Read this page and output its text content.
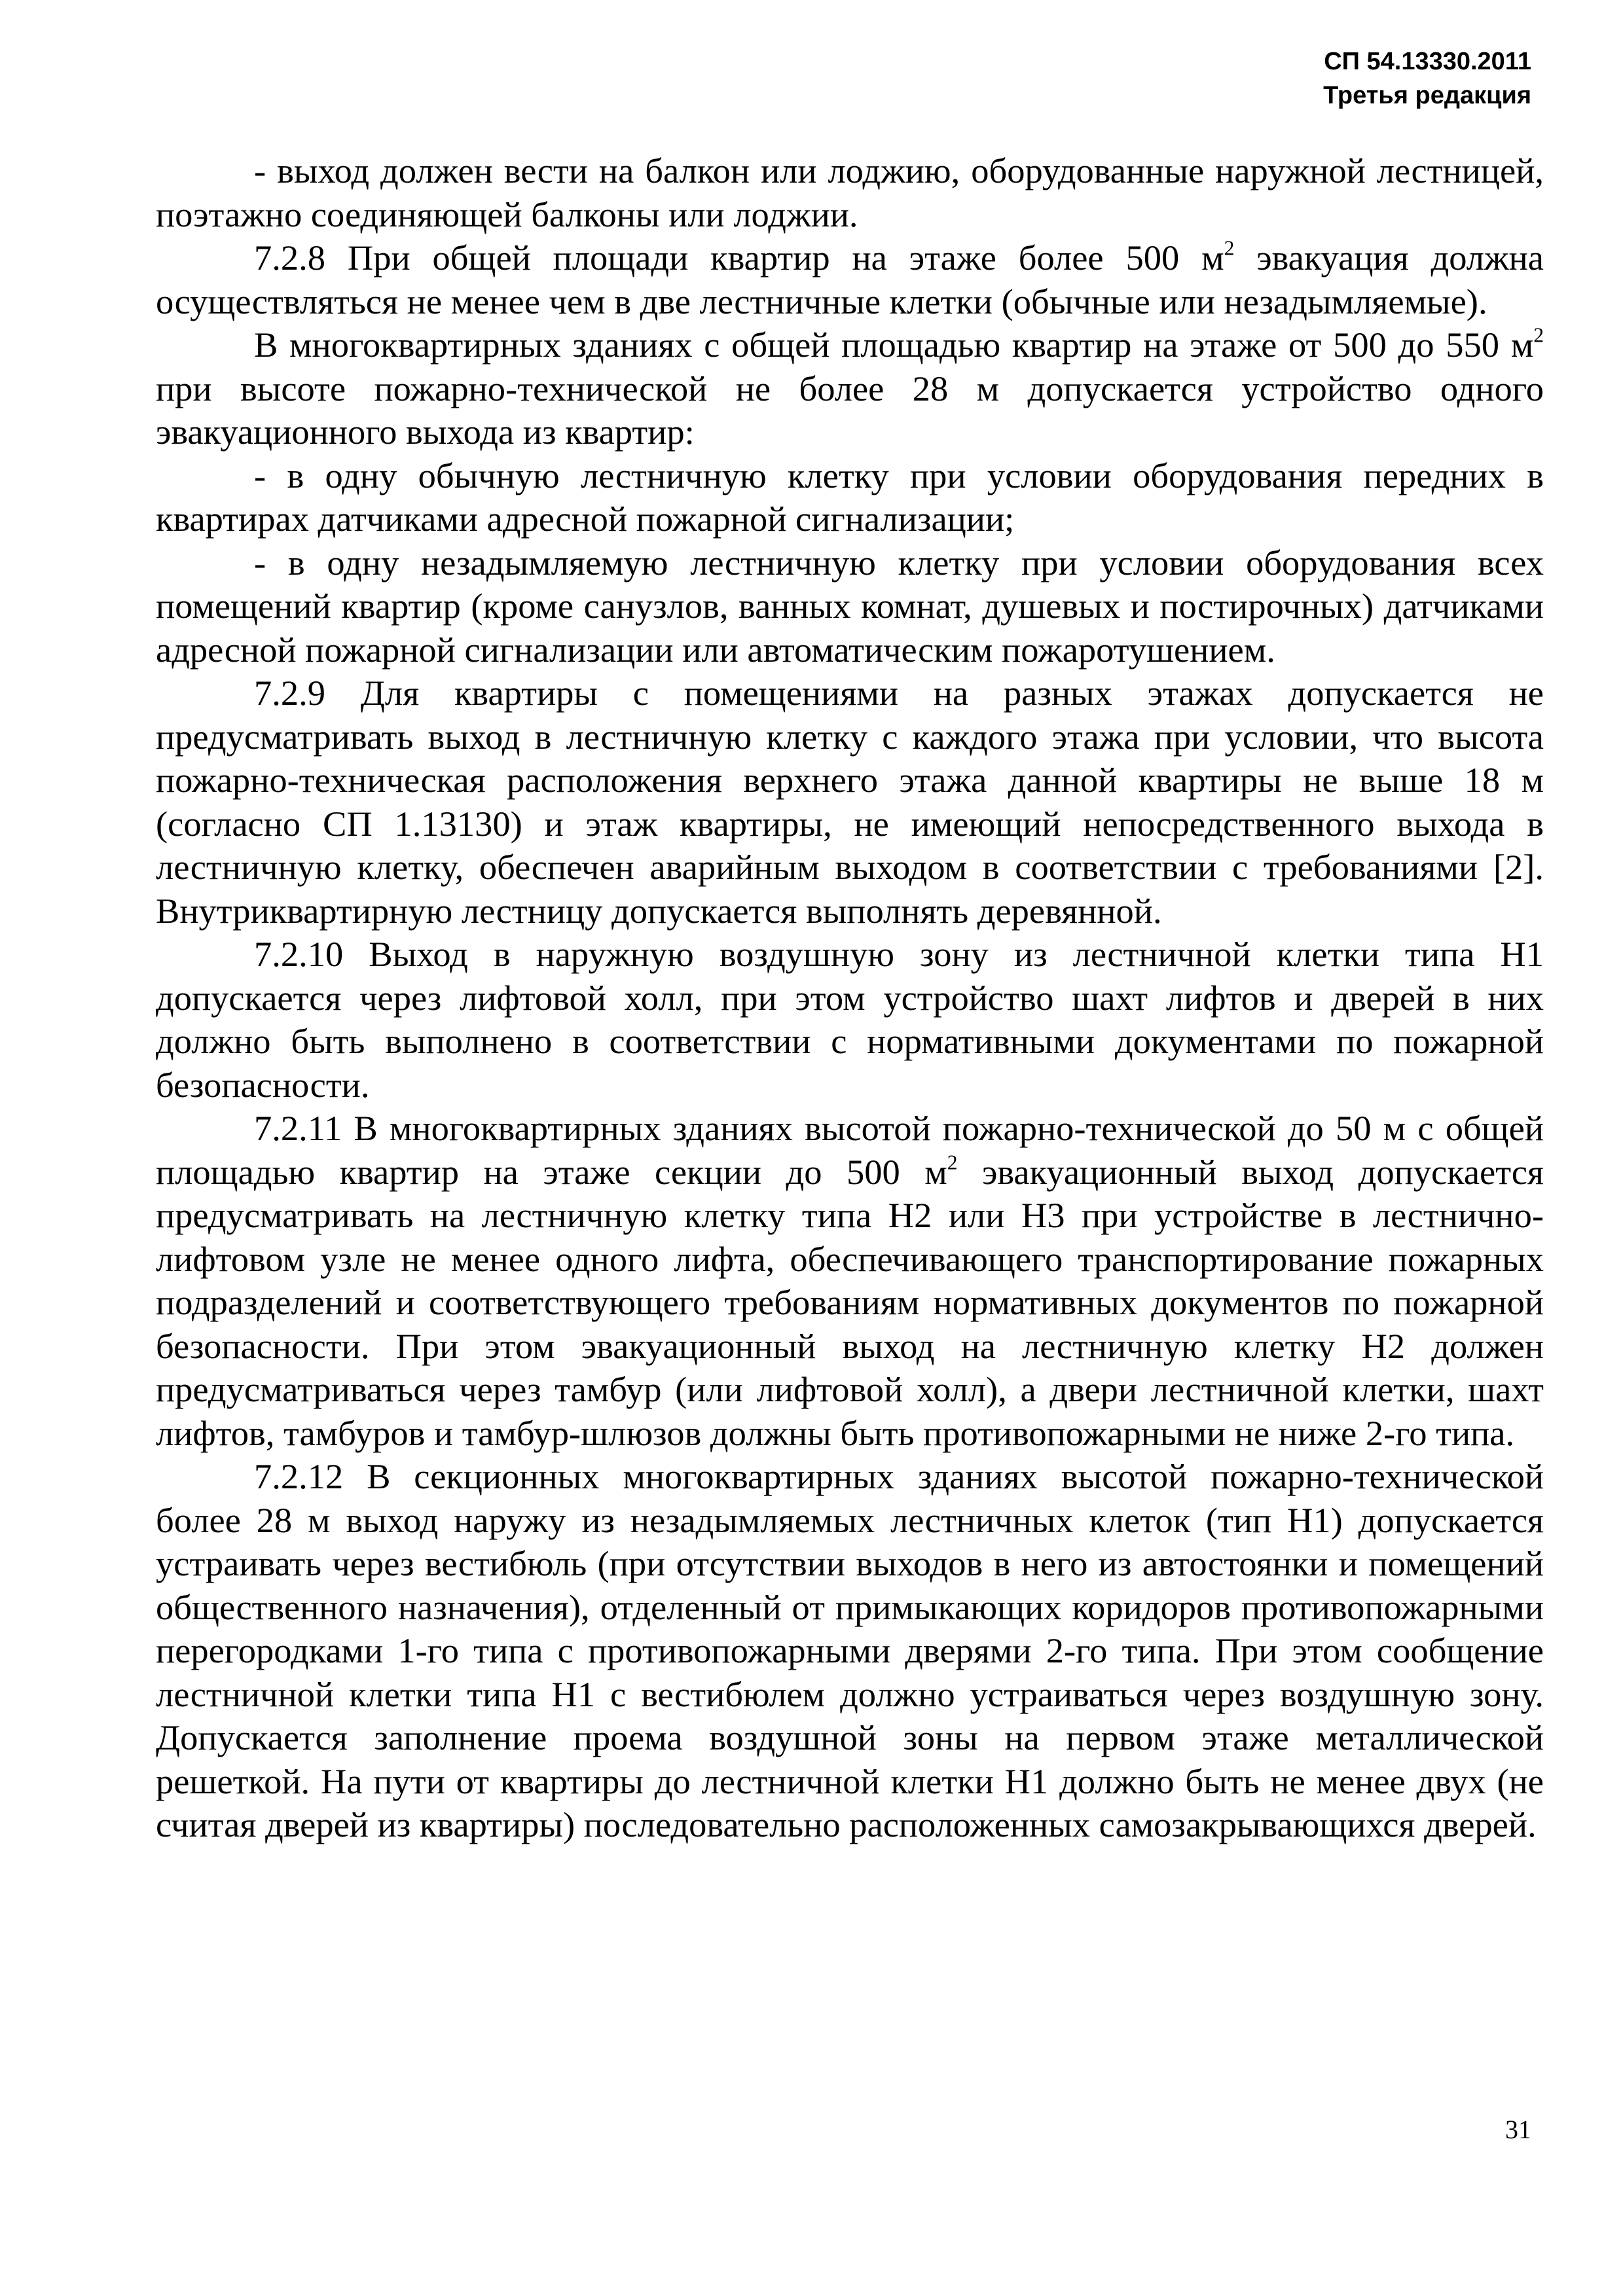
СП 54.13330.2011
Третья редакция

- выход должен вести на балкон или лоджию, оборудованные наружной лестницей, поэтажно соединяющей балконы или лоджии.

7.2.8 При общей площади квартир на этаже более 500 $м^2$ эвакуация должна осуществляться не менее чем в две лестничные клетки (обычные или незадымляемые).

В многоквартирных зданиях с общей площадью квартир на этаже от 500 до 550 $м^2$ при высоте пожарно-технической не более 28 м допускается устройство одного эвакуационного выхода из квартир:

- в одну обычную лестничную клетку при условии оборудования передних в квартирах датчиками адресной пожарной сигнализации;

- в одну незадымляемую лестничную клетку при условии оборудования всех помещений квартир (кроме санузлов, ванных комнат, душевых и постирочных) датчиками адресной пожарной сигнализации или автоматическим пожаротушением.

7.2.9 Для квартиры с помещениями на разных этажах допускается не предусматривать выход в лестничную клетку с каждого этажа при условии, что высота пожарно-техническая расположения верхнего этажа данной квартиры не выше 18 м (согласно СП 1.13130) и этаж квартиры, не имеющий непосредственного выхода в лестничную клетку, обеспечен аварийным выходом в соответствии с требованиями [2]. Внутриквартирную лестницу допускается выполнять деревянной.

7.2.10 Выход в наружную воздушную зону из лестничной клетки типа Н1 допускается через лифтовой холл, при этом устройство шахт лифтов и дверей в них должно быть выполнено в соответствии с нормативными документами по пожарной безопасности.

7.2.11 В многоквартирных зданиях высотой пожарно-технической до 50 м с общей площадью квартир на этаже секции до 500 $м^2$ эвакуационный выход допускается предусматривать на лестничную клетку типа Н2 или Н3 при устройстве в лестнично-лифтовом узле не менее одного лифта, обеспечивающего транспортирование пожарных подразделений и соответствующего требованиям нормативных документов по пожарной безопасности. При этом эвакуационный выход на лестничную клетку Н2 должен предусматриваться через тамбур (или лифтовой холл), а двери лестничной клетки, шахт лифтов, тамбуров и тамбур-шлюзов должны быть противопожарными не ниже 2-го типа.

7.2.12 В секционных многоквартирных зданиях высотой пожарно-технической более 28 м выход наружу из незадымляемых лестничных клеток (тип Н1) допускается устраивать через вестибюль (при отсутствии выходов в него из автостоянки и помещений общественного назначения), отделенный от примыкающих коридоров противопожарными перегородками 1-го типа с противопожарными дверями 2-го типа. При этом сообщение лестничной клетки типа Н1 с вестибюлем должно устраиваться через воздушную зону. Допускается заполнение проема воздушной зоны на первом этаже металлической решеткой. На пути от квартиры до лестничной клетки Н1 должно быть не менее двух (не считая дверей из квартиры) последовательно расположенных самозакрывающихся дверей.

31
